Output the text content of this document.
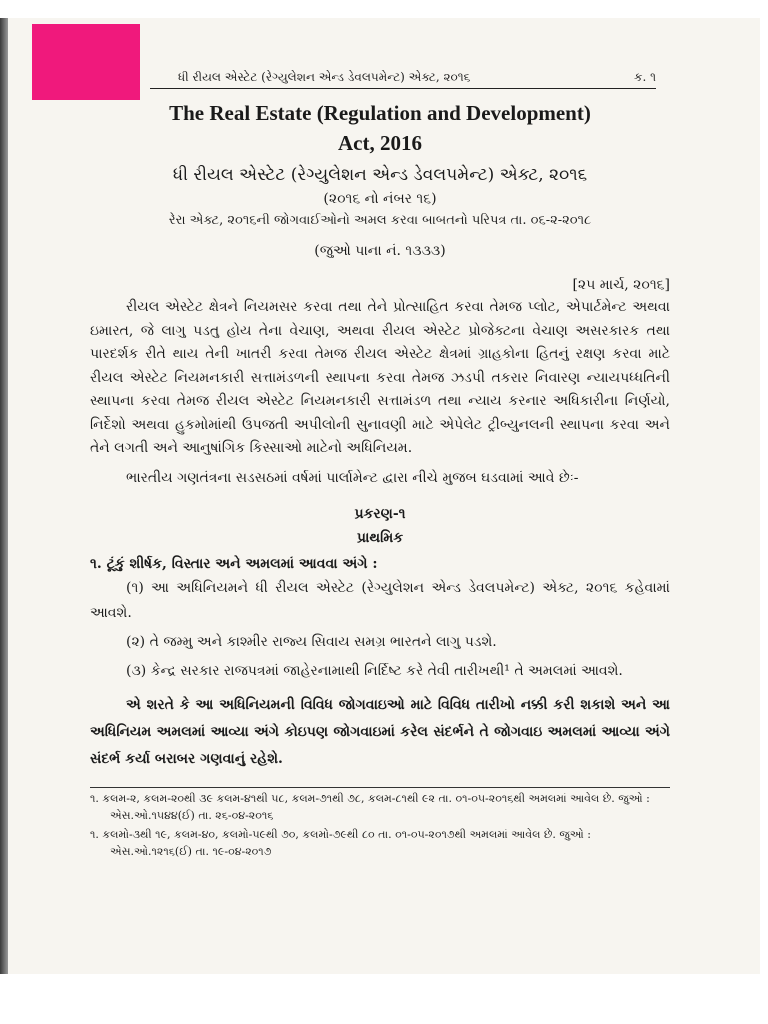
ધી રીયલ એસ્ટેટ (રેગ્યુલેશન એન્ડ ડેવલપમેન્ટ) એક્ટ, ૨૦૧૬	ક. ૧
The Real Estate (Regulation and Development)
Act, 2016
ધી રીયલ એસ્ટેટ (રેગ્યુલેશન એન્ડ ડેવલપમેન્ટ) એક્ટ, ૨૦૧૬
(૨૦૧૬ નો નંબર ૧૬)
રેરા એક્ટ, ૨૦૧૬ની જોગવાઈઓનો અમલ કરવા બાબતનો પરિપત્ર તા. ૦૬-૨-૨૦૧૮
(જુઓ પાના નં. ૧૩૩૩)
[૨૫ માર્ચ, ૨૦૧૬]

રીયલ એસ્ટેટ ક્ષેત્રને નિયમસર કરવા તથા તેને પ્રોત્સાહિત કરવા તેમજ પ્લોટ, એપાર્ટમેન્ટ અથવા ઇમારત, જે લાગુ પડતુ હોય તેના વેચાણ, અથવા રીયલ એસ્ટેટ પ્રોજેક્ટના વેચાણ અસરકારક તથા પારદર્શક રીતે થાય તેની ખાતરી કરવા તેમજ રીયલ એસ્ટેટ ક્ષેત્રમાં ગ્રાહકોના હિતનું રક્ષણ કરવા માટે રીયલ એસ્ટેટ નિયમનકારી સત્તામંડળની સ્થાપના કરવા તેમજ ઝડપી તકરાર નિવારણ ન્યાયપધ્ધતિની સ્થાપના કરવા તેમજ રીયલ એસ્ટેટ નિયમનકારી સત્તામંડળ તથા ન્યાય કરનાર અધિકારીના નિર્ણયો, નિર્દેશો અથવા હુકમોમાંથી ઉપજતી અપીલોની સુનાવણી માટે એપેલેટ ટ્રીબ્યુનલની સ્થાપના કરવા અને તેને લગતી અને આનુષાંગિક કિસ્સાઓ માટેનો અધિનિયમ.

ભારતીય ગણતંત્રના સડસઠમાં વર્ષમાં પાર્લામેન્ટ દ્વારા નીચે મુજબ ઘડવામાં આવે છેઃ-

પ્રકરણ-૧
પ્રાથમિક
૧. ટૂંકું શીર્ષક, વિસ્તાર અને અમલમાં આવવા અંગે :

(૧) આ અધિનિયમને ધી રીયલ એસ્ટેટ (રેગ્યુલેશન એન્ડ ડેવલપમેન્ટ) એક્ટ, ૨૦૧૬ કહેવામાં આવશે.

(૨) તે જમ્મુ અને કાશ્મીર રાજ્ય સિવાય સમગ્ર ભારતને લાગુ પડશે.

(૩) કેન્દ્ર સરકાર રાજપત્રમાં જાહેરનામાથી નિર્દિષ્ટ કરે તેવી તારીખથી¹ તે અમલમાં આવશે.

એ શરતે કે આ અધિનિયમની વિવિધ જોગવાઇઓ માટે વિવિધ તારીખો નક્કી કરી શકાશે અને આ અધિનિયમ અમલમાં આવ્યા અંગે કોઇપણ જોગવાઇમાં કરેલ સંદર્ભને તે જોગવાઇ અમલમાં આવ્યા અંગે સંદર્ભ કર્યા બરાબર ગણવાનું રહેશે.

૧. કલમ-૨, કલમ-૨૦થી ૩૯ કલમ-૪૧થી ૫૮, કલમ-૭૧થી ૭૮, કલમ-૮૧થી ૯૨ તા. ૦૧-૦૫-૨૦૧૬થી અમલમાં આવેલ છે. જુઓ : એસ.ઓ.૧૫૪૪(ઈ) તા. ૨૬-૦૪-૨૦૧૬
૧. કલમો-૩થી ૧૯, કલમ-૪૦, કલમો-૫૯થી ૭૦, કલમો-૭૯થી ૮૦ તા. ૦૧-૦૫-૨૦૧૭થી અમલમાં આવેલ છે. જુઓ : એસ.ઓ.૧૨૧૬(ઈ) તા. ૧૯-૦૪-૨૦૧૭
